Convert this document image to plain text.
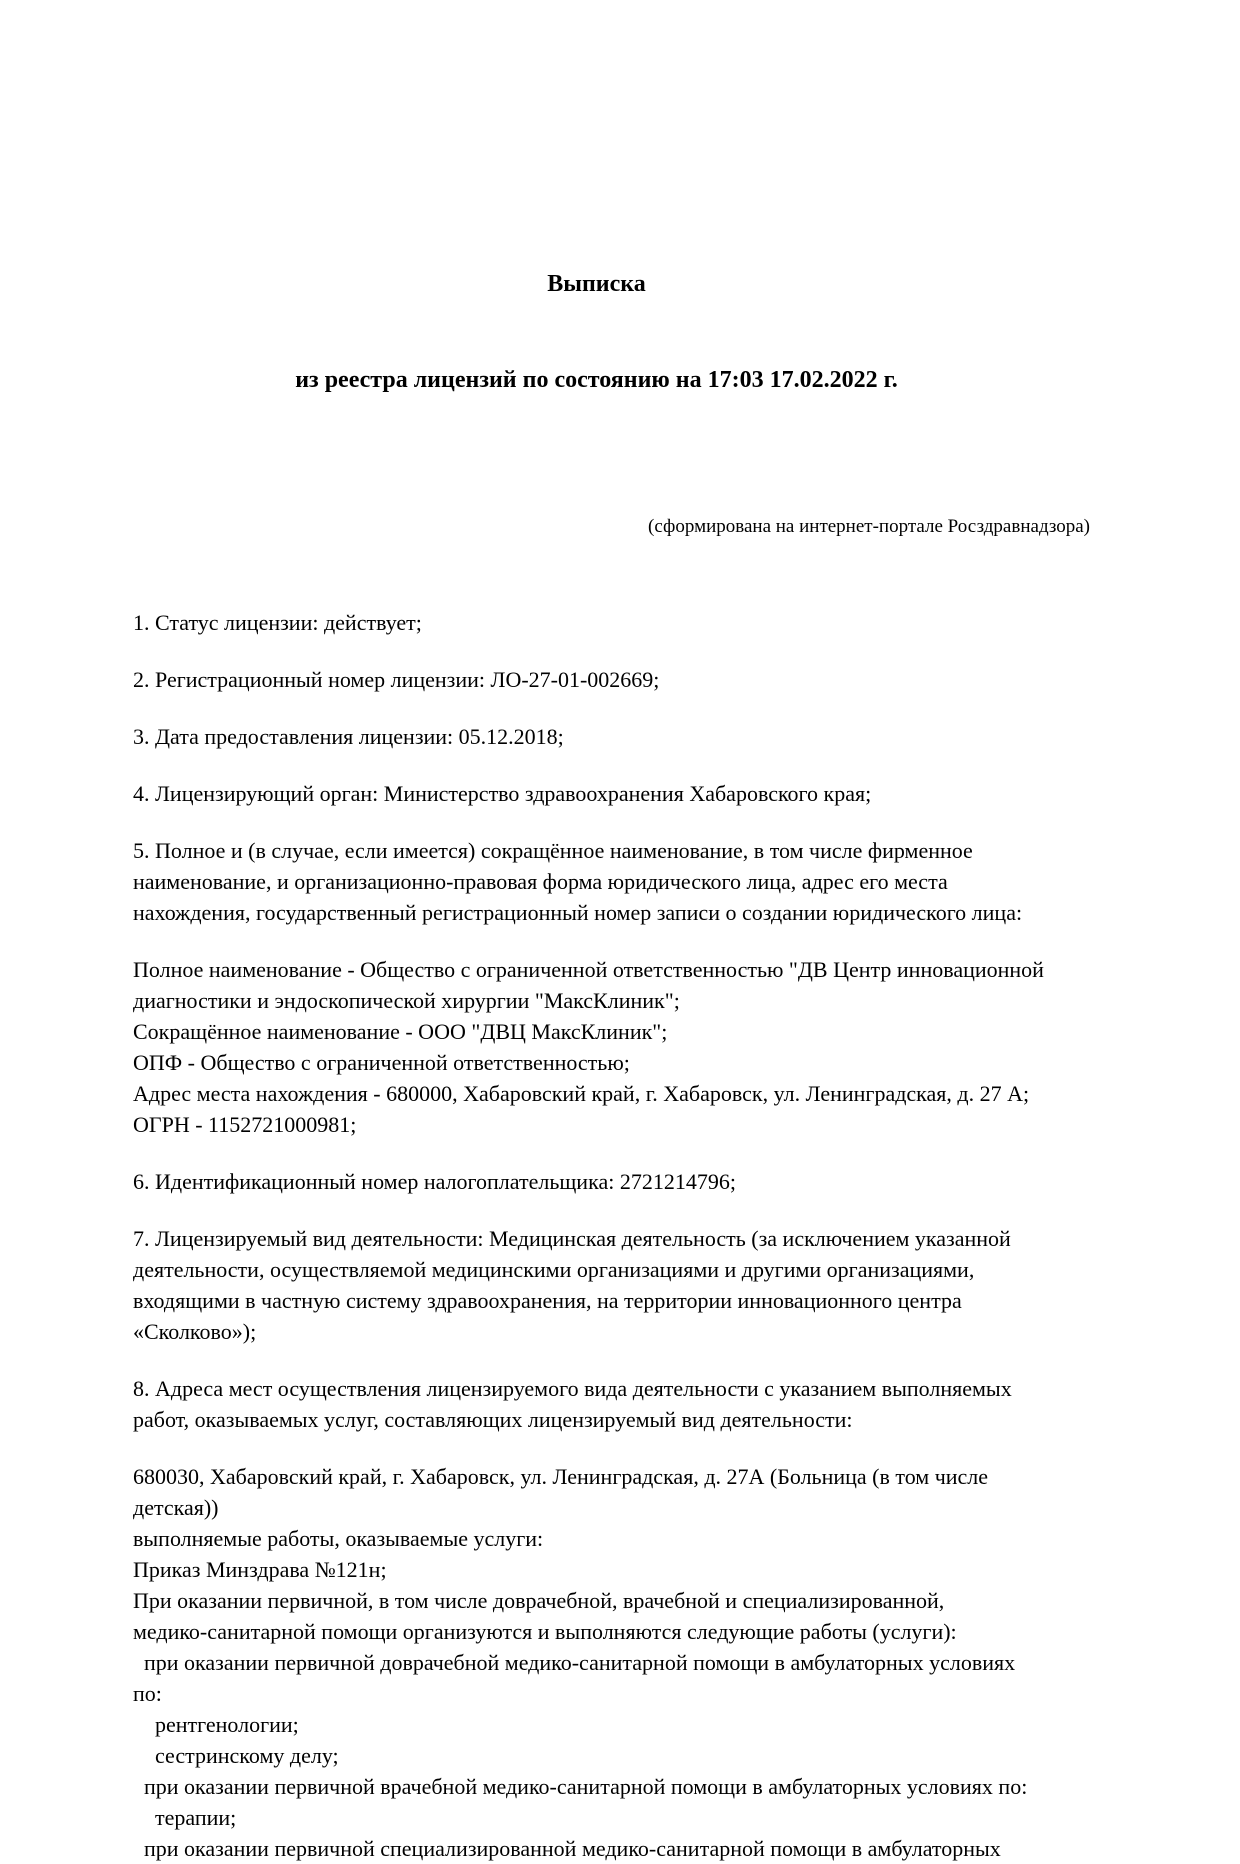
Выписка

из реестра лицензий по состоянию на 17:03 17.02.2022 г.

(сформирована на интернет-портале Росздравнадзора)
1. Статус лицензии: действует;
2. Регистрационный номер лицензии: ЛО-27-01-002669;
3. Дата предоставления лицензии: 05.12.2018;
4. Лицензирующий орган: Министерство здравоохранения Хабаровского края;
5. Полное и (в случае, если имеется) сокращённое наименование, в том числе фирменное
наименование, и организационно-правовая форма юридического лица, адрес его места
нахождения, государственный регистрационный номер записи о создании юридического лица:
Полное наименование - Общество с ограниченной ответственностью "ДВ Центр инновационной
диагностики и эндоскопической хирургии "МаксКлиник";
Сокращённое наименование - ООО "ДВЦ МаксКлиник";
ОПФ - Общество с ограниченной ответственностью;
Адрес места нахождения - 680000, Хабаровский край, г. Хабаровск, ул. Ленинградская, д. 27 А;
ОГРН - 1152721000981;
6. Идентификационный номер налогоплательщика: 2721214796;
7. Лицензируемый вид деятельности: Медицинская деятельность (за исключением указанной
деятельности, осуществляемой медицинскими организациями и другими организациями,
входящими в частную систему здравоохранения, на территории инновационного центра
«Сколково»);
8. Адреса мест осуществления лицензируемого вида деятельности с указанием выполняемых
работ, оказываемых услуг, составляющих лицензируемый вид деятельности:
680030, Хабаровский край, г. Хабаровск, ул. Ленинградская, д. 27А (Больница (в том числе
детская))
выполняемые работы, оказываемые услуги:
Приказ Минздрава №121н;
При оказании первичной, в том числе доврачебной, врачебной и специализированной,
медико-санитарной помощи организуются и выполняются следующие работы (услуги):
при оказании первичной доврачебной медико-санитарной помощи в амбулаторных условиях
по:
рентгенологии;
сестринскому делу;
при оказании первичной врачебной медико-санитарной помощи в амбулаторных условиях по:
терапии;
при оказании первичной специализированной медико-санитарной помощи в амбулаторных
